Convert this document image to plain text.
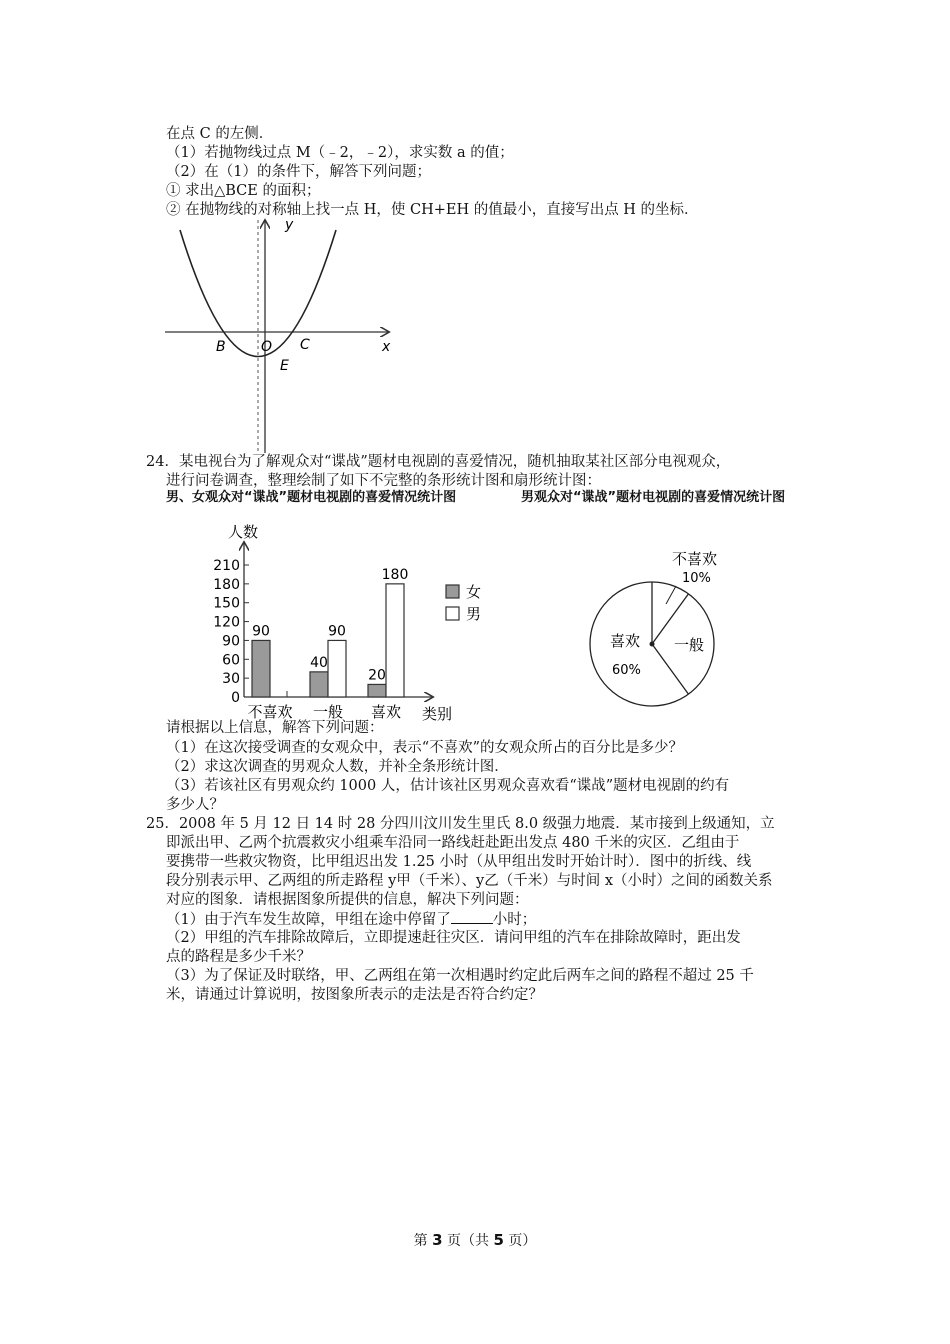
在点 C 的左侧．
（1）若抛物线过点 M（﹣2，﹣2），求实数 a 的值；
（2）在（1）的条件下，解答下列问题；
① 求出△BCE 的面积；
② 在抛物线的对称轴上找一点 H，使 CH+EH 的值最小，直接写出点 H 的坐标．
y
x
O
B	C
E
24．某电视台为了解观众对“谍战”题材电视剧的喜爱情况，随机抽取某社区部分电视观众，
进行问卷调查，整理绘制了如下不完整的条形统计图和扇形统计图：
男、女观众对“谍战”题材电视剧的喜爱情况统计图	男观众对“谍战”题材电视剧的喜爱情况统计图
人数
类别
0
30
60
90
120
150
180
210
不喜欢
90
一般
40
90
喜欢
20
180
女
男
不喜欢
10%
一般
喜欢
60%
请根据以上信息，解答下列问题：
（1）在这次接受调查的女观众中，表示“不喜欢”的女观众所占的百分比是多少？
（2）求这次调查的男观众人数，并补全条形统计图．
（3）若该社区有男观众约 1000 人，估计该社区男观众喜欢看“谍战”题材电视剧的约有
多少人？
25．2008 年 5 月 12 日 14 时 28 分四川汶川发生里氏 8.0 级强力地震．某市接到上级通知，立
即派出甲、乙两个抗震救灾小组乘车沿同一路线赶赴距出发点 480 千米的灾区．乙组由于
要携带一些救灾物资，比甲组迟出发 1.25 小时（从甲组出发时开始计时）．图中的折线、线
段分别表示甲、乙两组的所走路程 y甲（千米）、y乙（千米）与时间 x（小时）之间的函数关系
对应的图象．请根据图象所提供的信息，解决下列问题：
（1）由于汽车发生故障，甲组在途中停留了	小时；
（2）甲组的汽车排除故障后，立即提速赶往灾区．请问甲组的汽车在排除故障时，距出发
点的路程是多少千米？
（3）为了保证及时联络，甲、乙两组在第一次相遇时约定此后两车之间的路程不超过 25 千
米，请通过计算说明，按图象所表示的走法是否符合约定？
第 3 页（共 5 页）
